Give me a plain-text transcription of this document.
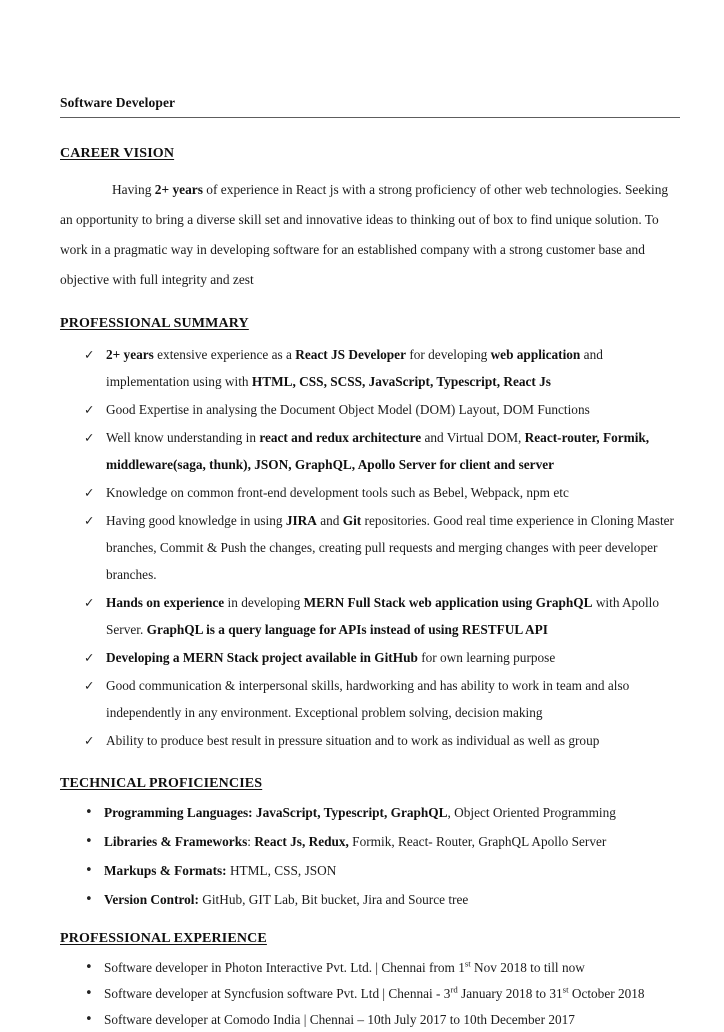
Software Developer
CAREER VISION

Having 2+ years of experience in React js with a strong proficiency of other web technologies. Seeking an opportunity to bring a diverse skill set and innovative ideas to thinking out of box to find unique solution. To work in a pragmatic way in developing software for an established company with a strong customer base and objective with full integrity and zest

PROFESSIONAL SUMMARY
✓ 2+ years extensive experience as a React JS Developer for developing web application and implementation using with HTML, CSS, SCSS, JavaScript, Typescript, React Js
✓ Good Expertise in analysing the Document Object Model (DOM) Layout, DOM Functions
✓ Well know understanding in react and redux architecture and Virtual DOM, React-router, Formik, middleware(saga, thunk), JSON, GraphQL, Apollo Server for client and server
✓ Knowledge on common front-end development tools such as Bebel, Webpack, npm etc
✓ Having good knowledge in using JIRA and Git repositories. Good real time experience in Cloning Master branches, Commit & Push the changes, creating pull requests and merging changes with peer developer branches.
✓ Hands on experience in developing MERN Full Stack web application using GraphQL with Apollo Server. GraphQL is a query language for APIs instead of using RESTFUL API
✓ Developing a MERN Stack project available in GitHub for own learning purpose
✓ Good communication & interpersonal skills, hardworking and has ability to work in team and also independently in any environment. Exceptional problem solving, decision making
✓ Ability to produce best result in pressure situation and to work as individual as well as group
TECHNICAL PROFICIENCIES
• Programming Languages: JavaScript, Typescript, GraphQL, Object Oriented Programming
• Libraries & Frameworks: React Js, Redux, Formik, React- Router, GraphQL Apollo Server
• Markups & Formats: HTML, CSS, JSON
• Version Control: GitHub, GIT Lab, Bit bucket, Jira and Source tree
PROFESSIONAL EXPERIENCE
• Software developer in Photon Interactive Pvt. Ltd. | Chennai from 1st Nov 2018 to till now
• Software developer at Syncfusion software Pvt. Ltd | Chennai - 3rd January 2018 to 31st October 2018
• Software developer at Comodo India | Chennai – 10th July 2017 to 10th December 2017
